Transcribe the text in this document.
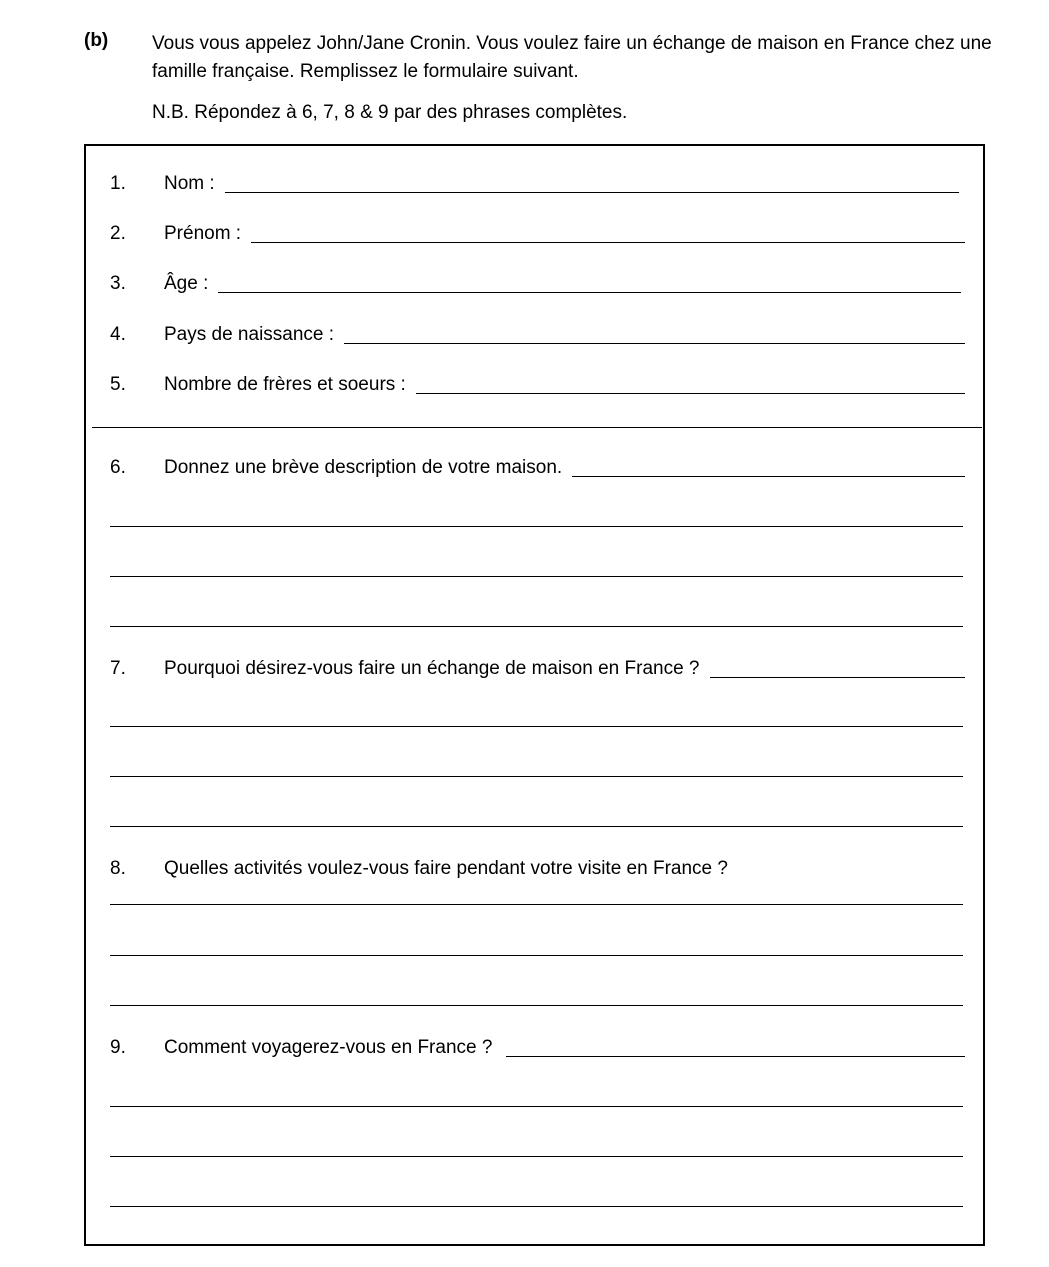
(b) Vous vous appelez John/Jane Cronin. Vous voulez faire un échange de maison en France chez une famille française. Remplissez le formulaire suivant.
N.B. Répondez à 6, 7, 8 & 9 par des phrases complètes.
1.	Nom :
2.	Prénom :
3.	Âge :
4.	Pays de naissance :
5.	Nombre de frères et soeurs :
6.	Donnez une brève description de votre maison.
7.	Pourquoi désirez-vous faire un échange de maison en France ?
8.	Quelles activités voulez-vous faire pendant votre visite en France ?
9.	Comment voyagerez-vous en France ?
